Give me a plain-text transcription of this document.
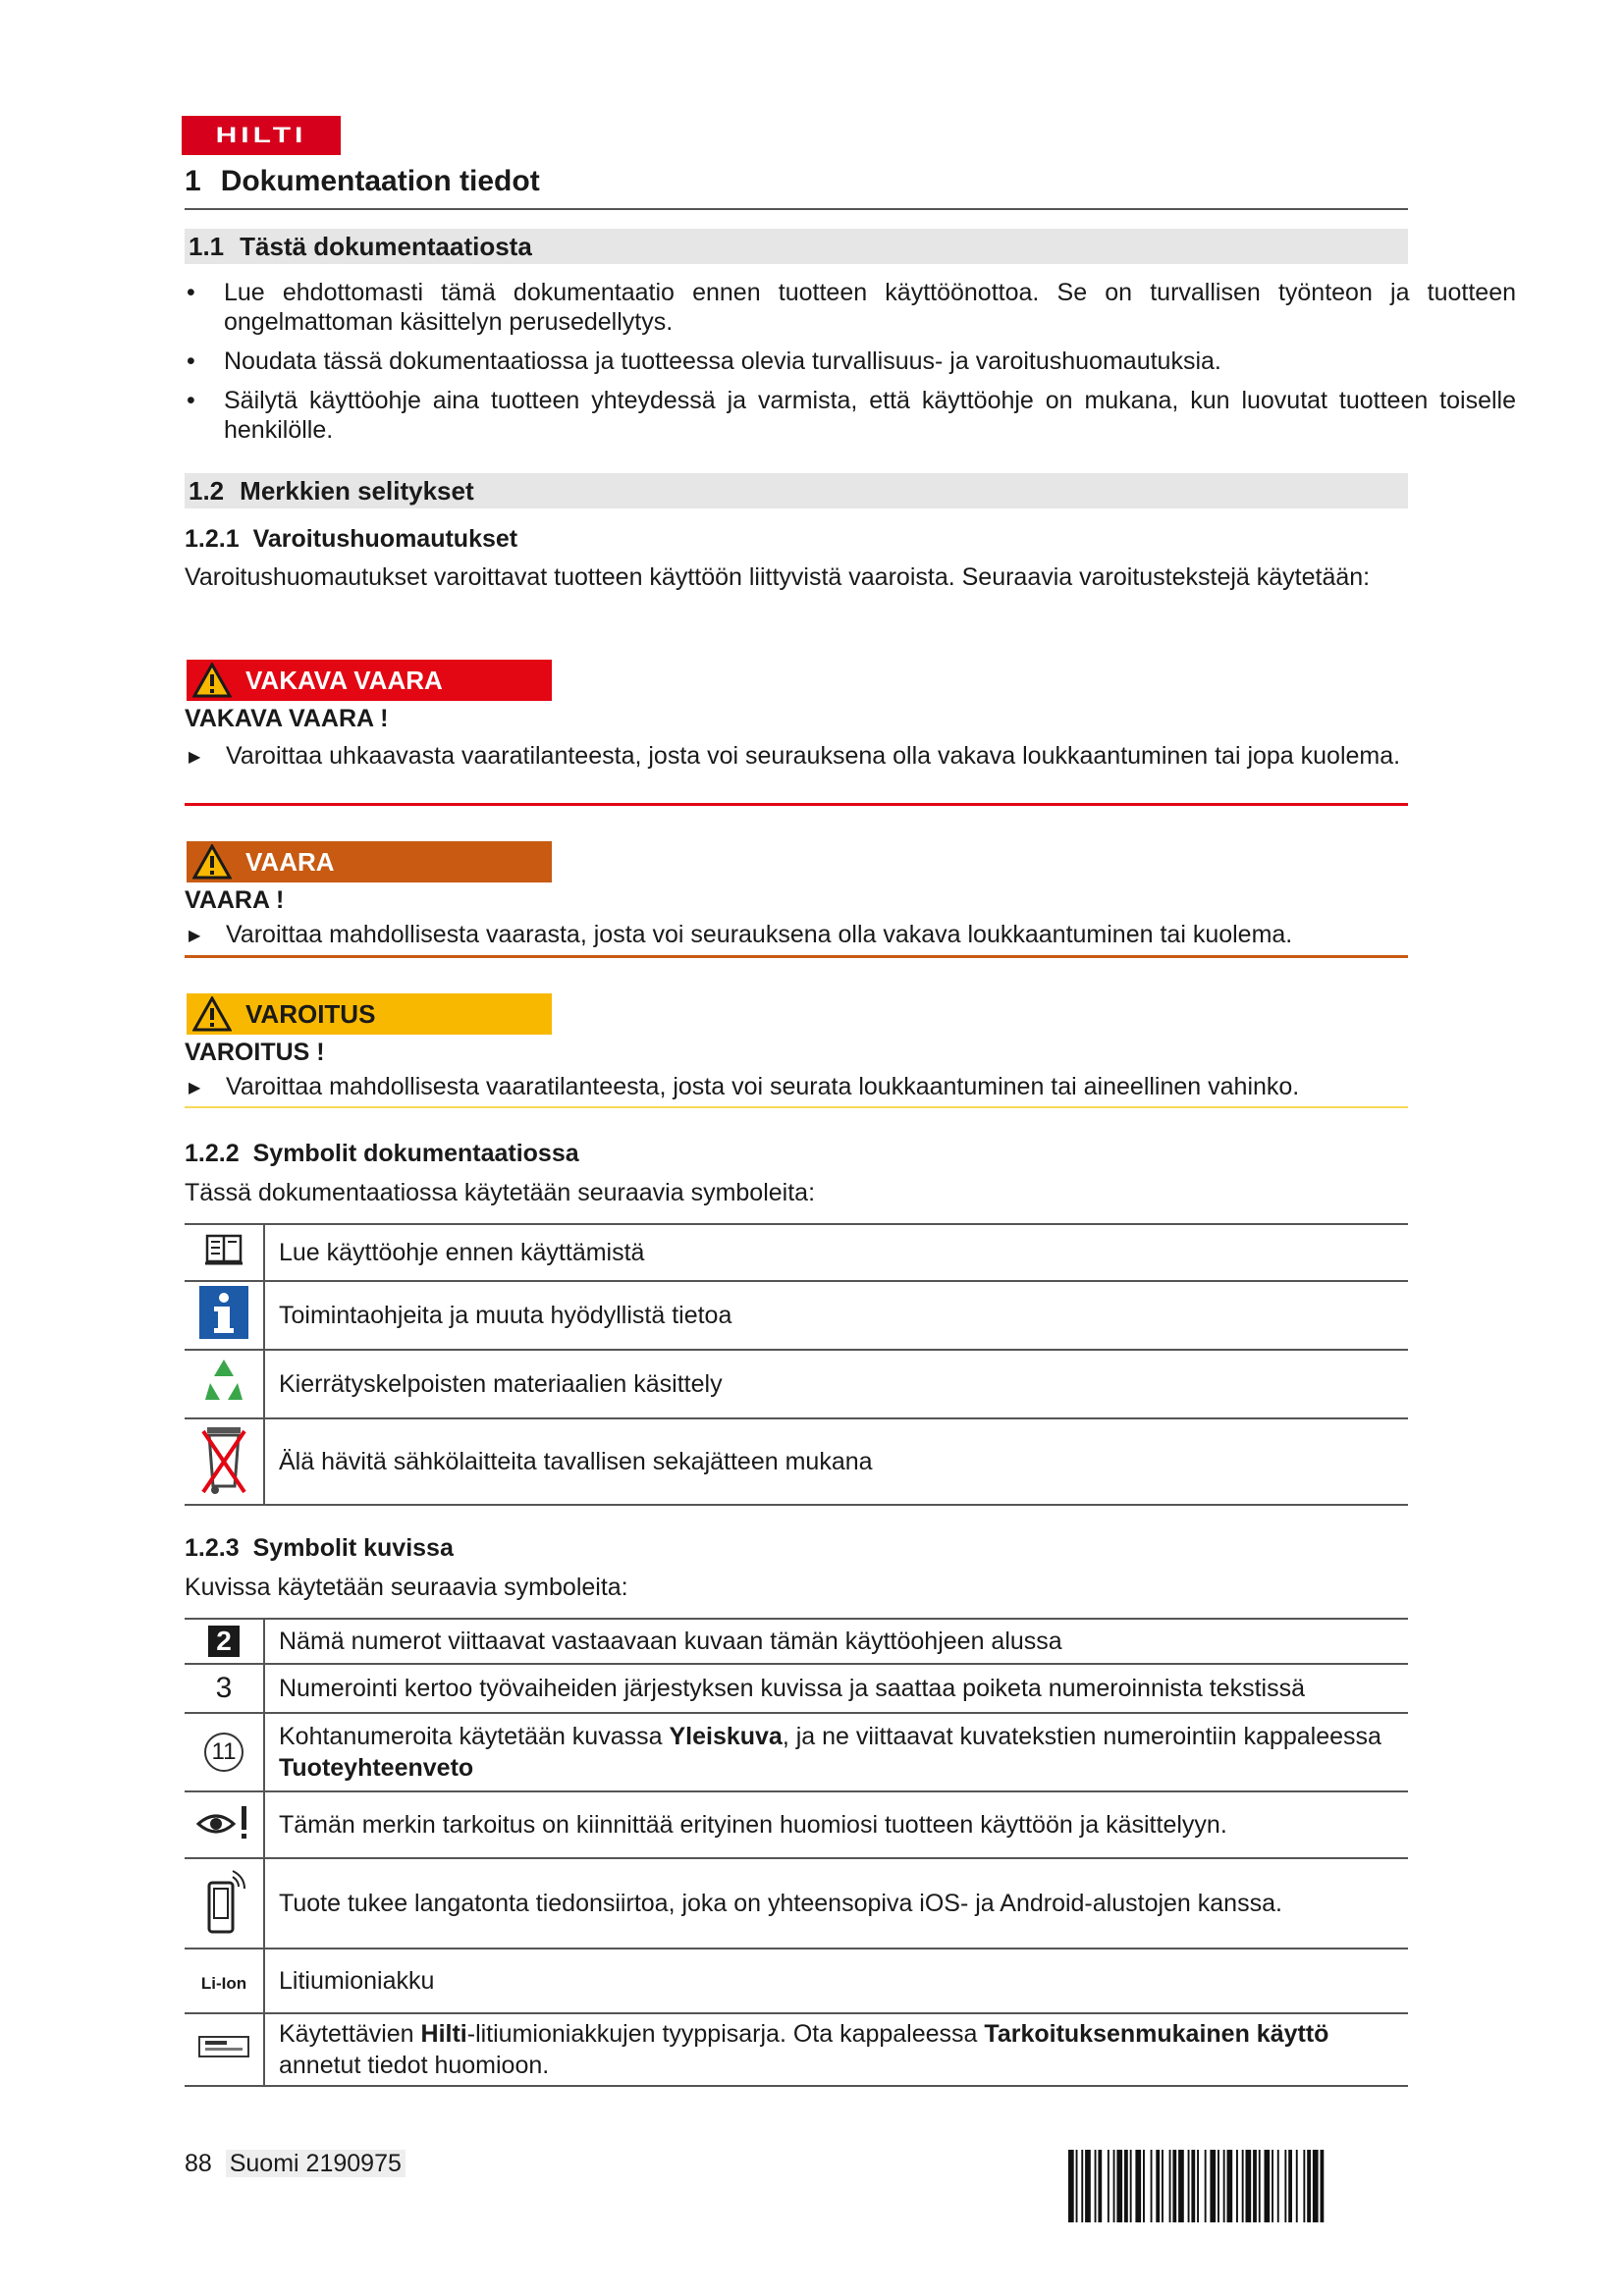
HILTI
1 Dokumentaation tiedot
1.1 Tästä dokumentaatiosta
• Lue ehdottomasti tämä dokumentaatio ennen tuotteen käyttöönottoa. Se on turvallisen työnteon ja tuotteen ongelmattoman käsittelyn perusedellytys.
• Noudata tässä dokumentaatiossa ja tuotteessa olevia turvallisuus- ja varoitushuomautuksia.
• Säilytä käyttöohje aina tuotteen yhteydessä ja varmista, että käyttöohje on mukana, kun luovutat tuotteen toiselle henkilölle.
1.2 Merkkien selitykset
1.2.1 Varoitushuomautukset
Varoitushuomautukset varoittavat tuotteen käyttöön liittyvistä vaaroista. Seuraavia varoitustekstejä käytetään:
VAKAVA VAARA
VAKAVA VAARA !
▶ Varoittaa uhkaavasta vaaratilanteesta, josta voi seurauksena olla vakava loukkaantuminen tai jopa kuolema.
VAARA
VAARA !
▶ Varoittaa mahdollisesta vaarasta, josta voi seurauksena olla vakava loukkaantuminen tai kuolema.
VAROITUS
VAROITUS !
▶ Varoittaa mahdollisesta vaaratilanteesta, josta voi seurata loukkaantuminen tai aineellinen vahinko.
1.2.2 Symbolit dokumentaatiossa
Tässä dokumentaatiossa käytetään seuraavia symboleita:
	Lue käyttöohje ennen käyttämistä
	Toimintaohjeita ja muuta hyödyllistä tietoa
	Kierrätyskelpoisten materiaalien käsittely
	Älä hävitä sähkölaitteita tavallisen sekajätteen mukana
1.2.3 Symbolit kuvissa
Kuvissa käytetään seuraavia symboleita:
2	Nämä numerot viittaavat vastaavaan kuvaan tämän käyttöohjeen alussa
3	Numerointi kertoo työvaiheiden järjestyksen kuvissa ja saattaa poiketa numeroinnista tekstissä
11	Kohtanumeroita käytetään kuvassa Yleiskuva, ja ne viittaavat kuvatekstien numerointiin kappaleessa Tuoteyhteenveto
	Tämän merkin tarkoitus on kiinnittää erityinen huomiosi tuotteen käyttöön ja käsittelyyn.
	Tuote tukee langatonta tiedonsiirtoa, joka on yhteensopiva iOS- ja Android-alustojen kanssa.
Li-Ion	Litiumioniakku
	Käytettävien Hilti-litiumioniakkujen tyyppisarja. Ota kappaleessa Tarkoituksenmukainen käyttö annetut tiedot huomioon.
88 Suomi 2190975
